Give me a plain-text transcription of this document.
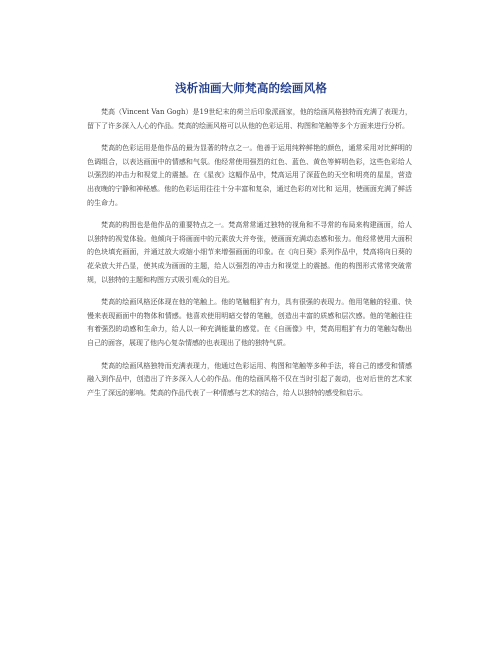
浅析油画大师梵高的绘画风格

梵高（Vincent Van Gogh）是19世纪末的荷兰后印象派画家，他的绘画风格独特而充满了表现力，留下了许多深入人心的作品。梵高的绘画风格可以从他的色彩运用、构图和笔触等多个方面来进行分析。

梵高的色彩运用是他作品的最为显著的特点之一。他善于运用纯粹鲜艳的颜色，通常采用对比鲜明的色调组合，以表达画面中的情感和气氛。他经常使用强烈的红色、蓝色、黄色等鲜明色彩，这些色彩给人以强烈的冲击力和视觉上的震撼。在《星夜》这幅作品中，梵高运用了深蓝色的天空和明亮的星星，营造出夜晚的宁静和神秘感。他的色彩运用往往十分丰富和复杂，通过色彩的对比和 运用，使画面充满了鲜活的生命力。

梵高的构图也是他作品的重要特点之一。梵高常常通过独特的视角和不寻常的布局来构建画面，给人以独特的视觉体验。他倾向于将画面中的元素放大并夸张，使画面充满动态感和张力。他经常使用大面积的色块填充画面，并通过放大或缩小细节来增强画面的印象。在《向日葵》系列作品中，梵高将向日葵的花朵放大并凸显，使其成为画面的主题，给人以强烈的冲击力和视觉上的震撼。他的构图形式常常突破常规，以独特的主题和构图方式吸引观众的目光。

梵高的绘画风格还体现在他的笔触上。他的笔触粗犷有力，具有很强的表现力。他用笔触的轻重、快慢来表现画面中的物体和情感。他喜欢使用明暗交替的笔触，创造出丰富的质感和层次感。他的笔触往往有着强烈的动感和生命力，给人以一种充满能量的感觉。在《自画像》中，梵高用粗犷有力的笔触勾勒出自己的面容，展现了他内心复杂情感的也表现出了他的独特气质。

梵高的绘画风格独特而充满表现力，他通过色彩运用、构图和笔触等多种手法，将自己的感受和情感融入到作品中，创造出了许多深入人心的作品。他的绘画风格不仅在当时引起了轰动，也对后世的艺术家产生了深远的影响。梵高的作品代表了一种情感与艺术的结合，给人以独特的感受和启示。
